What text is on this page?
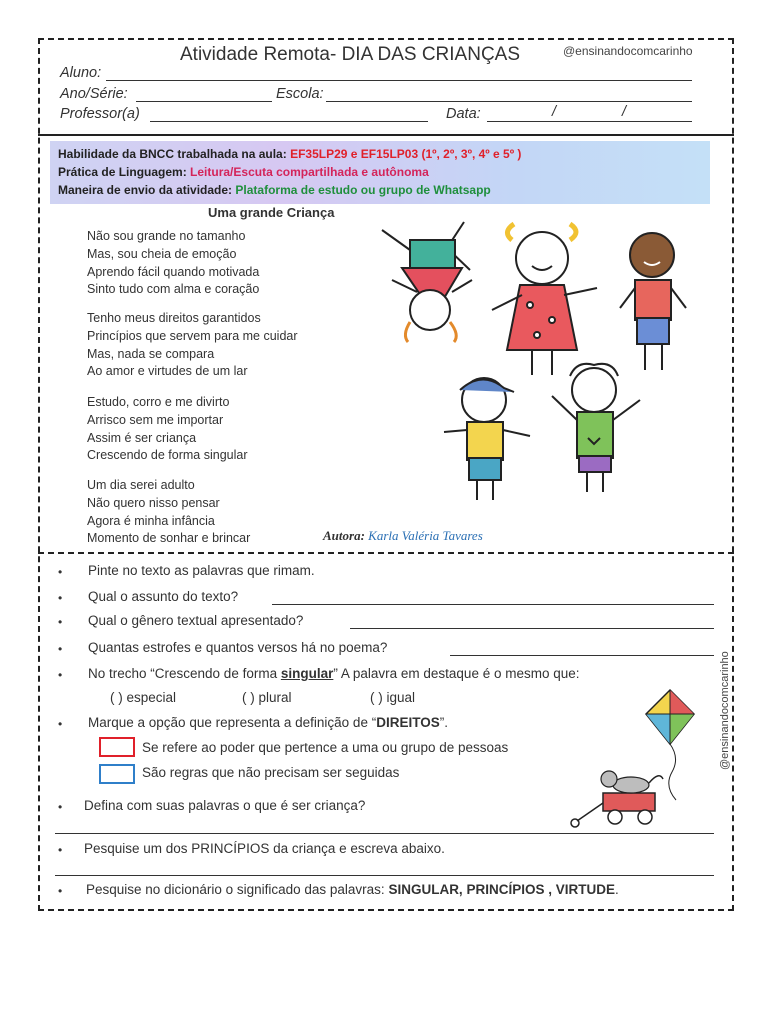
Atividade Remota- DIA DAS CRIANÇAS	@ensinandocomcarinho
Aluno:
Ano/Série:	Escola:
Professor(a)	Data:	/	/
Habilidade da BNCC trabalhada na aula: EF35LP29 e EF15LP03 (1º, 2º, 3º, 4º e 5º )
Prática de Linguagem: Leitura/Escuta compartilhada e autônoma
Maneira de envio da atividade: Plataforma de estudo ou grupo de Whatsapp
Uma grande Criança
Não sou grande no tamanho
Mas, sou cheia de emoção
Aprendo fácil quando motivada
Sinto tudo com alma e coração
Tenho meus direitos garantidos
Princípios que servem para me cuidar
Mas, nada se compara
Ao amor e virtudes de um lar
Estudo, corro e me divirto
Arrisco sem me importar
Assim é ser criança
Crescendo de forma singular
Um dia serei adulto
Não quero nisso pensar
Agora é minha infância
Momento de sonhar e brincar	Autora: Karla Valéria Tavares
• Pinte no texto as palavras que rimam.
• Qual o assunto do texto?
• Qual o gênero textual apresentado?
• Quantas estrofes e quantos versos há no poema?
• No trecho “Crescendo de forma singular” A palavra em destaque é o mesmo que:
( ) especial	( ) plural	( ) igual
• Marque a opção que representa a definição de “DIREITOS”.
Se refere ao poder que pertence a uma ou grupo de pessoas
São regras que não precisam ser seguidas
• Defina com suas palavras o que é ser criança?
• Pesquise um dos PRINCÍPIOS da criança e escreva abaixo.
• Pesquise no dicionário o significado das palavras: SINGULAR, PRINCÍPIOS , VIRTUDE.
@ensinandocomcarinho
